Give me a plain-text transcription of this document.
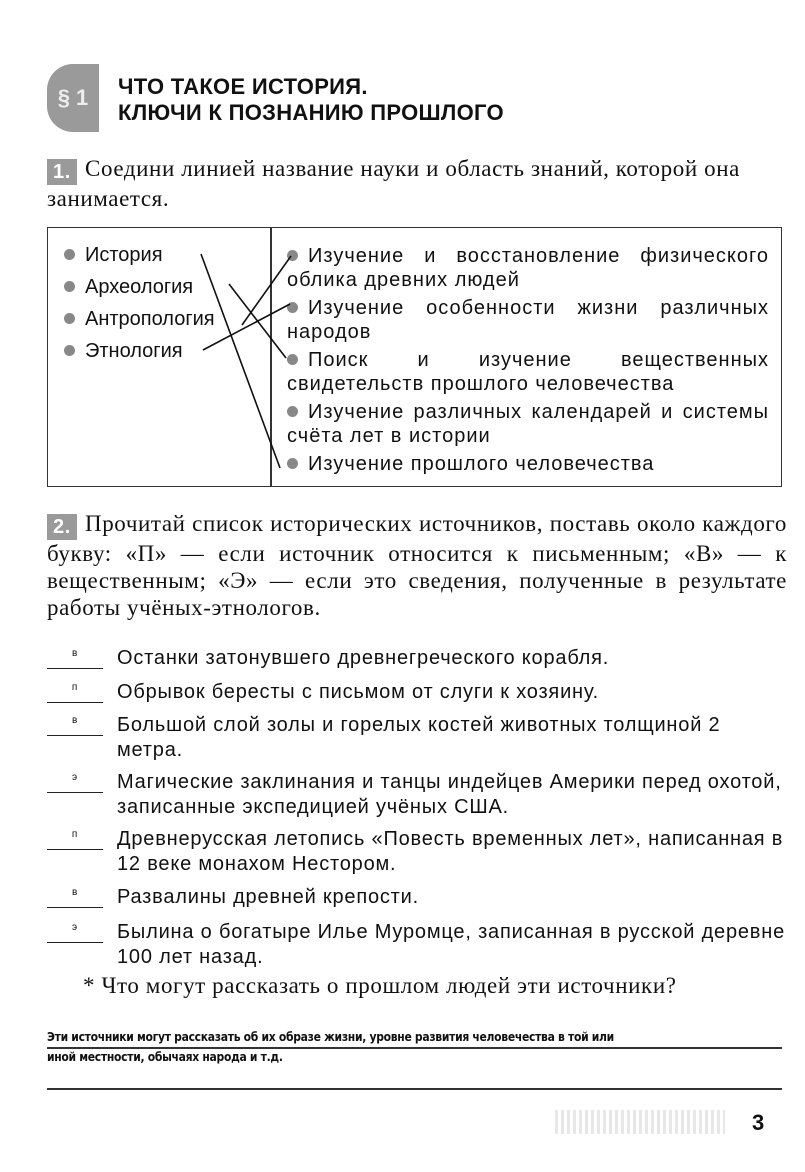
§ 1	ЧТО ТАКОЕ ИСТОРИЯ.
КЛЮЧИ К ПОЗНАНИЮ ПРОШЛОГО
1. Соедини линией название науки и область знаний, которой она занимается.
История
Археология
Антропология
Этнология
Изучение и восстановление физического облика древних людей
Изучение особенности жизни различных народов
Поиск и изучение вещественных свидетельств прошлого человечества
Изучение различных календарей и системы счёта лет в истории
Изучение прошлого человечества
2. Прочитай список исторических источников, поставь около каждого букву: «П» — если источник относится к письменным; «В» — к вещественным; «Э» — если это сведения, полученные в результате работы учёных-этнологов.
в	Останки затонувшего древнегреческого корабля.
п	Обрывок бересты с письмом от слуги к хозяину.
в	Большой слой золы и горелых костей животных толщиной 2 метра.
э	Магические заклинания и танцы индейцев Америки перед охотой, записанные экспедицией учёных США.
п	Древнерусская летопись «Повесть временных лет», написанная в 12 веке монахом Нестором.
в	Развалины древней крепости.
э	Былина о богатыре Илье Муромце, записанная в русской деревне 100 лет назад.
* Что могут рассказать о прошлом людей эти источники?
Эти источники могут рассказать об их образе жизни, уровне развития человечества в той или
иной местности, обычаях народа и т.д.
3
